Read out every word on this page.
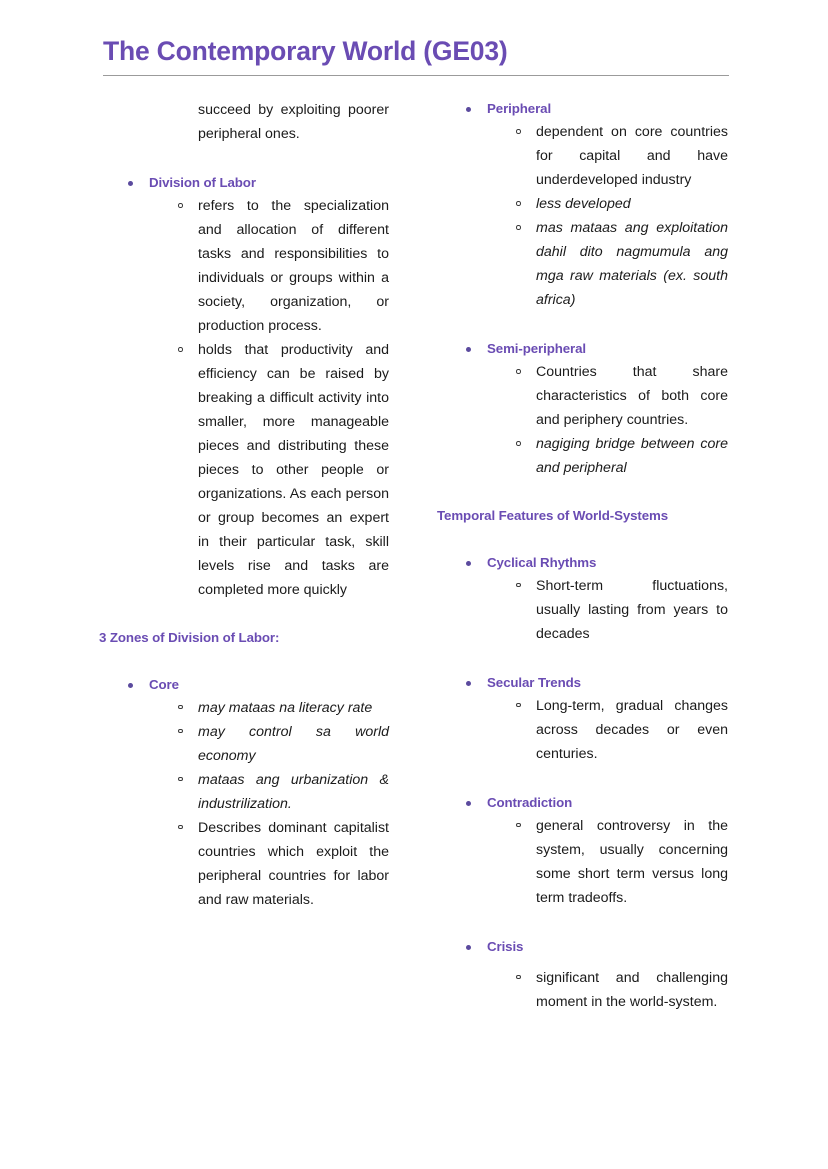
The Contemporary World (GE03)

succeed by exploiting poorer peripheral ones.

Division of Labor
refers to the specialization and allocation of different tasks and responsibilities to individuals or groups within a society, organization, or production process.
holds that productivity and efficiency can be raised by breaking a difficult activity into smaller, more manageable pieces and distributing these pieces to other people or organizations. As each person or group becomes an expert in their particular task, skill levels rise and tasks are completed more quickly

3 Zones of Division of Labor:

Core
may mataas na literacy rate
may control sa world economy
mataas ang urbanization & industrilization.
Describes dominant capitalist countries which exploit the peripheral countries for labor and raw materials.
Peripheral
dependent on core countries for capital and have underdeveloped industry
less developed
mas mataas ang exploitation dahil dito nagmumula ang mga raw materials (ex. south africa)
Semi-peripheral
Countries that share characteristics of both core and periphery countries.
nagiging bridge between core and peripheral

Temporal Features of World-Systems

Cyclical Rhythms
Short-term fluctuations, usually lasting from years to decades
Secular Trends
Long-term, gradual changes across decades or even centuries.
Contradiction
general controversy in the system, usually concerning some short term versus long term tradeoffs.
Crisis
significant and challenging moment in the world-system.
